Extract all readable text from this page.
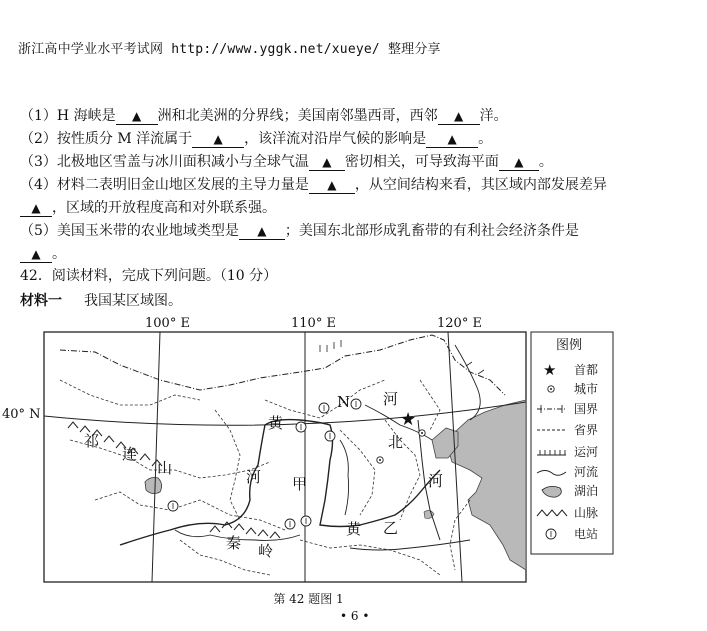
浙江高中学业水平考试网 http://www.yggk.net/xueye/ 整理分享
（1）H 海峡是 ▲ 洲和北美洲的分界线；美国南邻墨西哥，西邻 ▲ 洋。
（2）按性质分 M 洋流属于 ▲ ，该洋流对沿岸气候的影响是 ▲ 。
（3）北极地区雪盖与冰川面积减小与全球气温 ▲ 密切相关，可导致海平面 ▲ 。
（4）材料二表明旧金山地区发展的主导力量是 ▲ ，从空间结构来看，其区域内部发展差异
▲ ，区域的开放程度高和对外联系强。
（5）美国玉米带的农业地域类型是 ▲ ；美国东北部形成乳畜带的有利社会经济条件是
▲ 。
42．阅读材料，完成下列问题。（10 分）
材料一 我国某区域图。
100° E	110° E	120° E
40° N	★
祁
连
山
黄
河 甲
N 河
北
河
黄 乙
秦 岭
图例
★ 首都
城市
国界
省界
运河
河流
湖泊
山脉
电站
第 42 题图 1
• 6 •
